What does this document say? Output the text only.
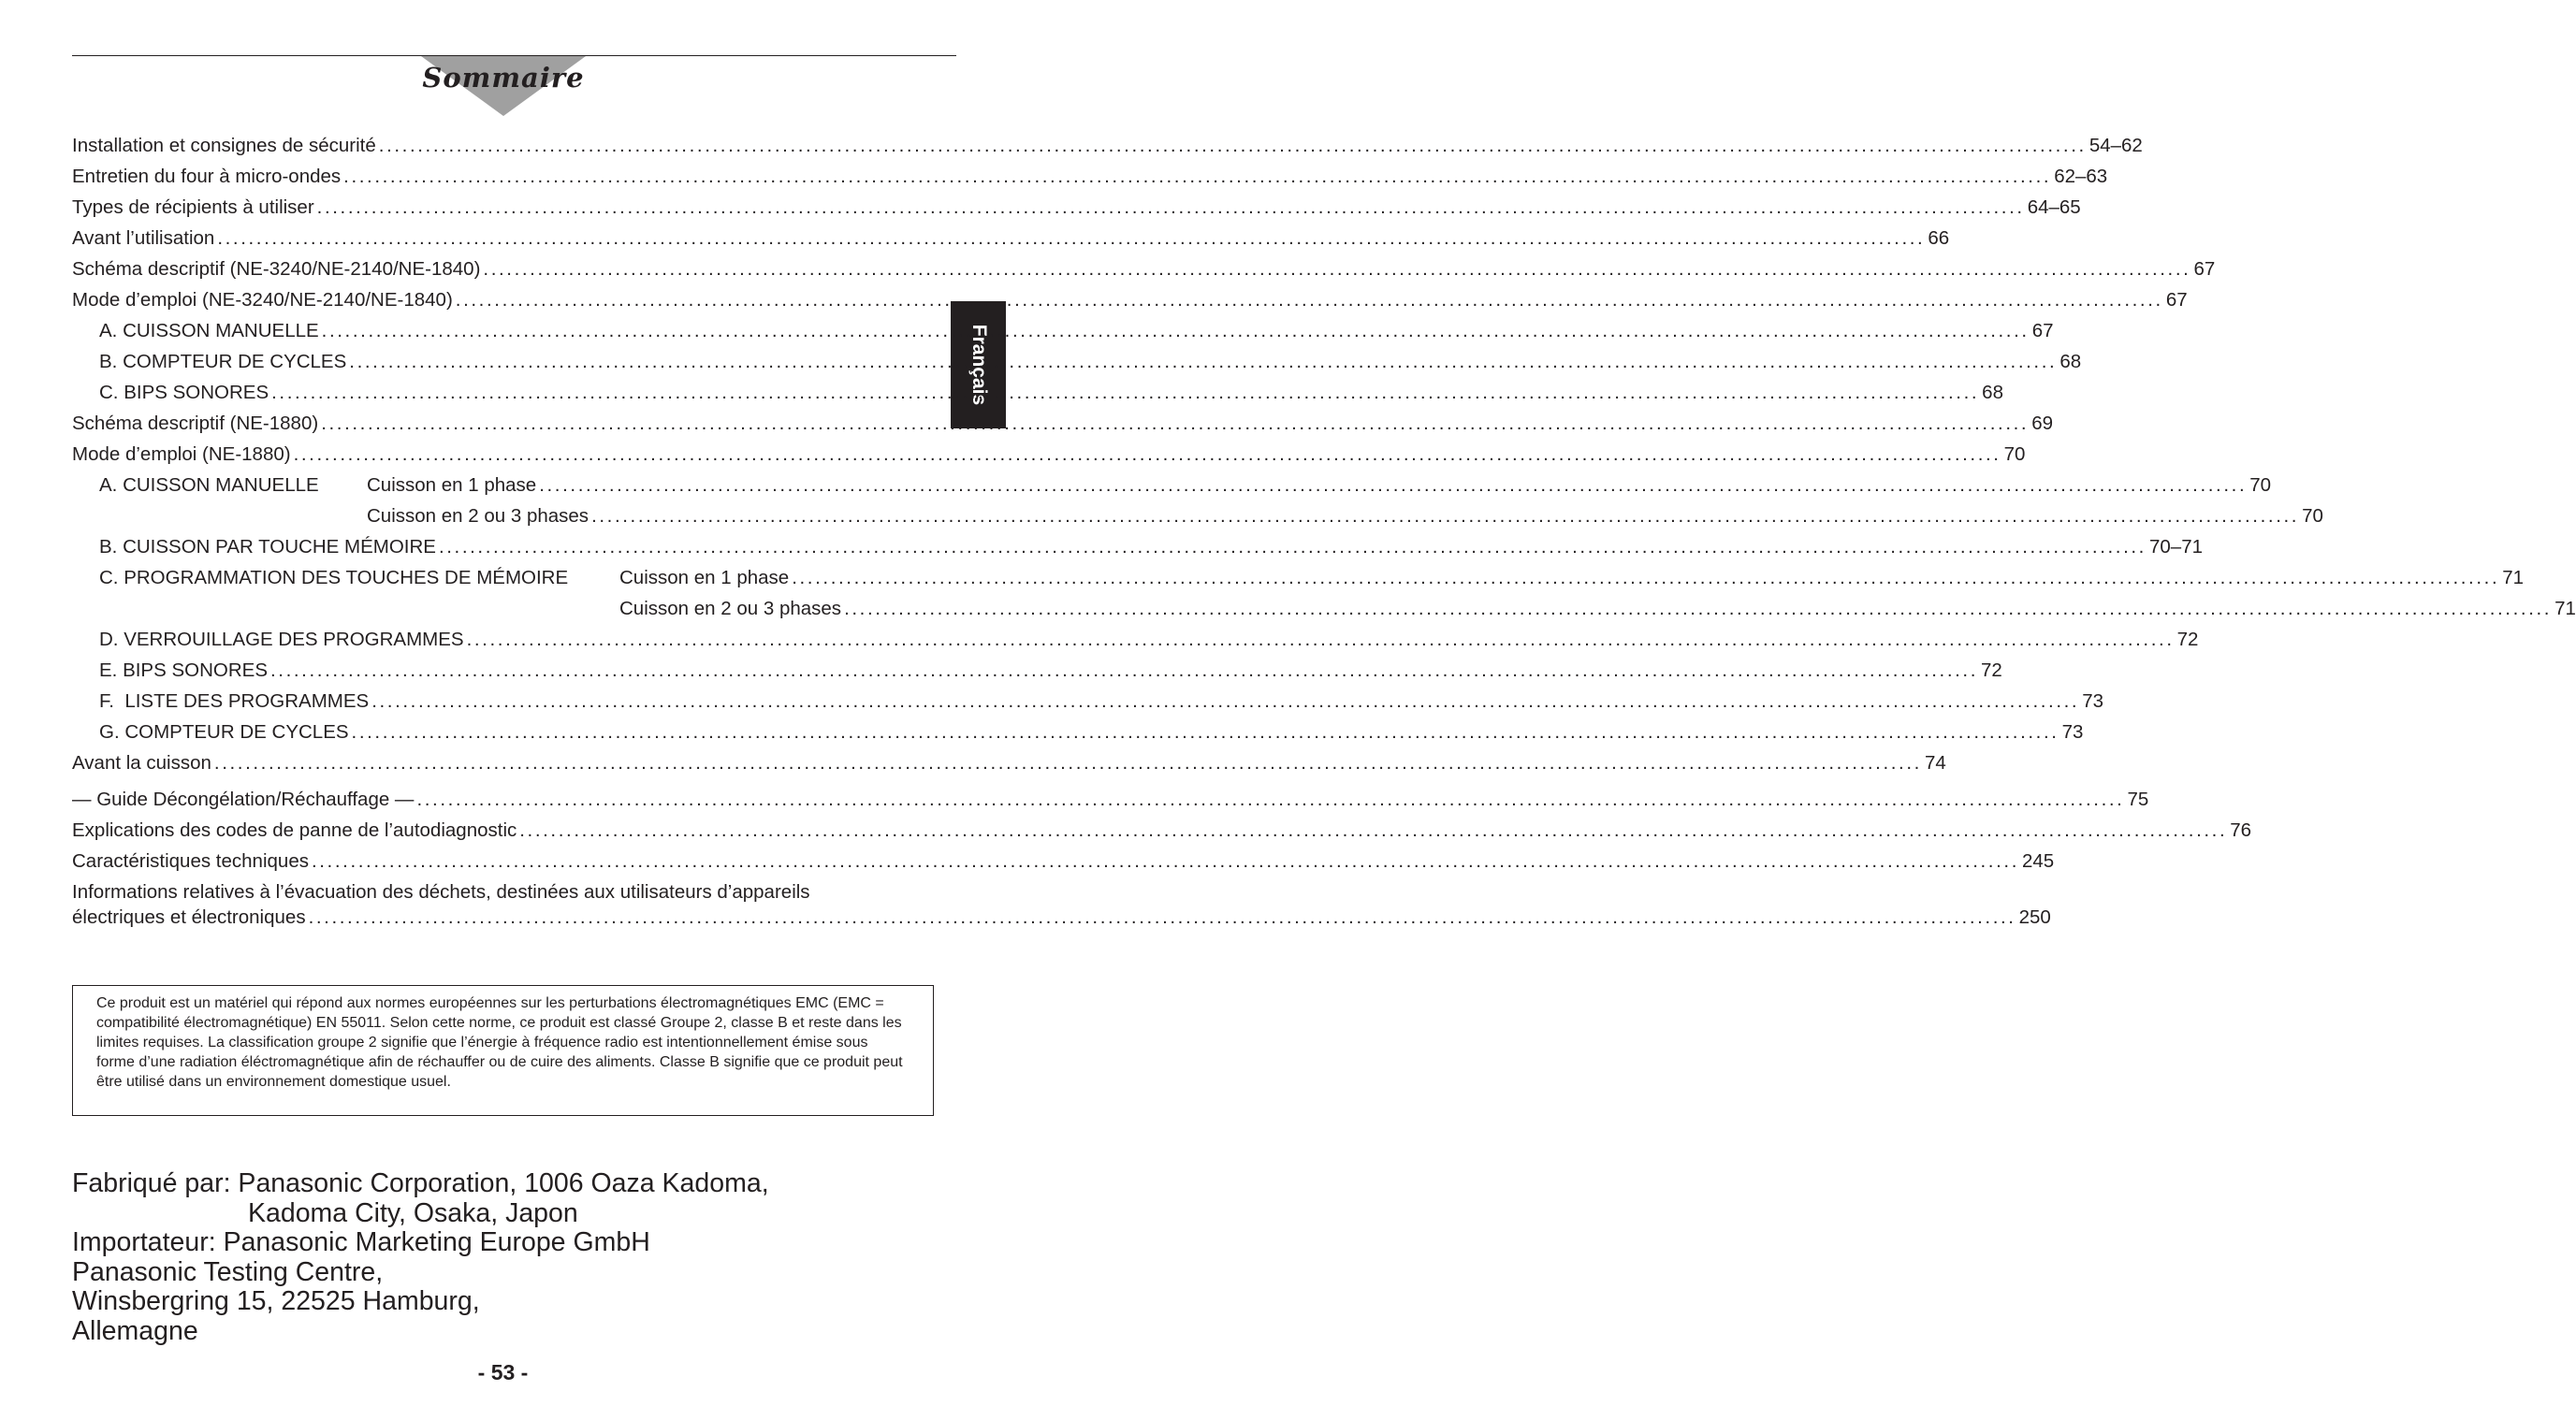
Sommaire
Français
Installation et consignes de sécurité ............................................................................................................................................................................................................................ 54–62
Entretien du four à micro-ondes ............................................................................................................................................................................................................................ 62–63
Types de récipients à utiliser ............................................................................................................................................................................................................................ 64–65
Avant l’utilisation ............................................................................................................................................................................................................................ 66
Schéma descriptif (NE-3240/NE-2140/NE-1840) ............................................................................................................................................................................................................................ 67
Mode d’emploi (NE-3240/NE-2140/NE-1840) ............................................................................................................................................................................................................................ 67
A. CUISSON MANUELLE ............................................................................................................................................................................................................................ 67
B. COMPTEUR DE CYCLES ............................................................................................................................................................................................................................ 68
C. BIPS SONORES ............................................................................................................................................................................................................................ 68
Schéma descriptif (NE-1880) ............................................................................................................................................................................................................................ 69
Mode d’emploi (NE-1880) ............................................................................................................................................................................................................................ 70
A. CUISSON MANUELLE	Cuisson en 1 phase ............................................................................................................................................................................................................................ 70
Cuisson en 2 ou 3 phases ............................................................................................................................................................................................................................ 70
B. CUISSON PAR TOUCHE MÉMOIRE ............................................................................................................................................................................................................................ 70–71
C. PROGRAMMATION DES TOUCHES DE MÉMOIRE	Cuisson en 1 phase ............................................................................................................................................................................................................................ 71
Cuisson en 2 ou 3 phases ............................................................................................................................................................................................................................ 71
D. VERROUILLAGE DES PROGRAMMES ............................................................................................................................................................................................................................ 72
E. BIPS SONORES ............................................................................................................................................................................................................................ 72
F.  LISTE DES PROGRAMMES ............................................................................................................................................................................................................................ 73
G. COMPTEUR DE CYCLES ............................................................................................................................................................................................................................ 73
Avant la cuisson ............................................................................................................................................................................................................................ 74
— Guide Décongélation/Réchauffage — ............................................................................................................................................................................................................................ 75
Explications des codes de panne de l’autodiagnostic ............................................................................................................................................................................................................................ 76
Caractéristiques techniques ............................................................................................................................................................................................................................ 245
Informations relatives à l’évacuation des déchets, destinées aux utilisateurs d’appareils
électriques et électroniques ............................................................................................................................................................................................................................ 250
Ce produit est un matériel qui répond aux normes européennes sur les perturbations électromagnétiques EMC (EMC = compatibilité électromagnétique) EN 55011. Selon cette norme, ce produit est classé Groupe 2, classe B et reste dans les limites requises. La classification groupe 2 signifie que l’énergie à fréquence radio est intentionnellement émise sous forme d’une radiation éléctromagnétique afin de réchauffer ou de cuire des aliments. Classe B signifie que ce produit peut être utilisé dans un environnement domestique usuel.
Fabriqué par: Panasonic Corporation, 1006 Oaza Kadoma,
Kadoma City, Osaka, Japon
Importateur: Panasonic Marketing Europe GmbH
Panasonic Testing Centre,
Winsbergring 15, 22525 Hamburg,
Allemagne
- 53 -
